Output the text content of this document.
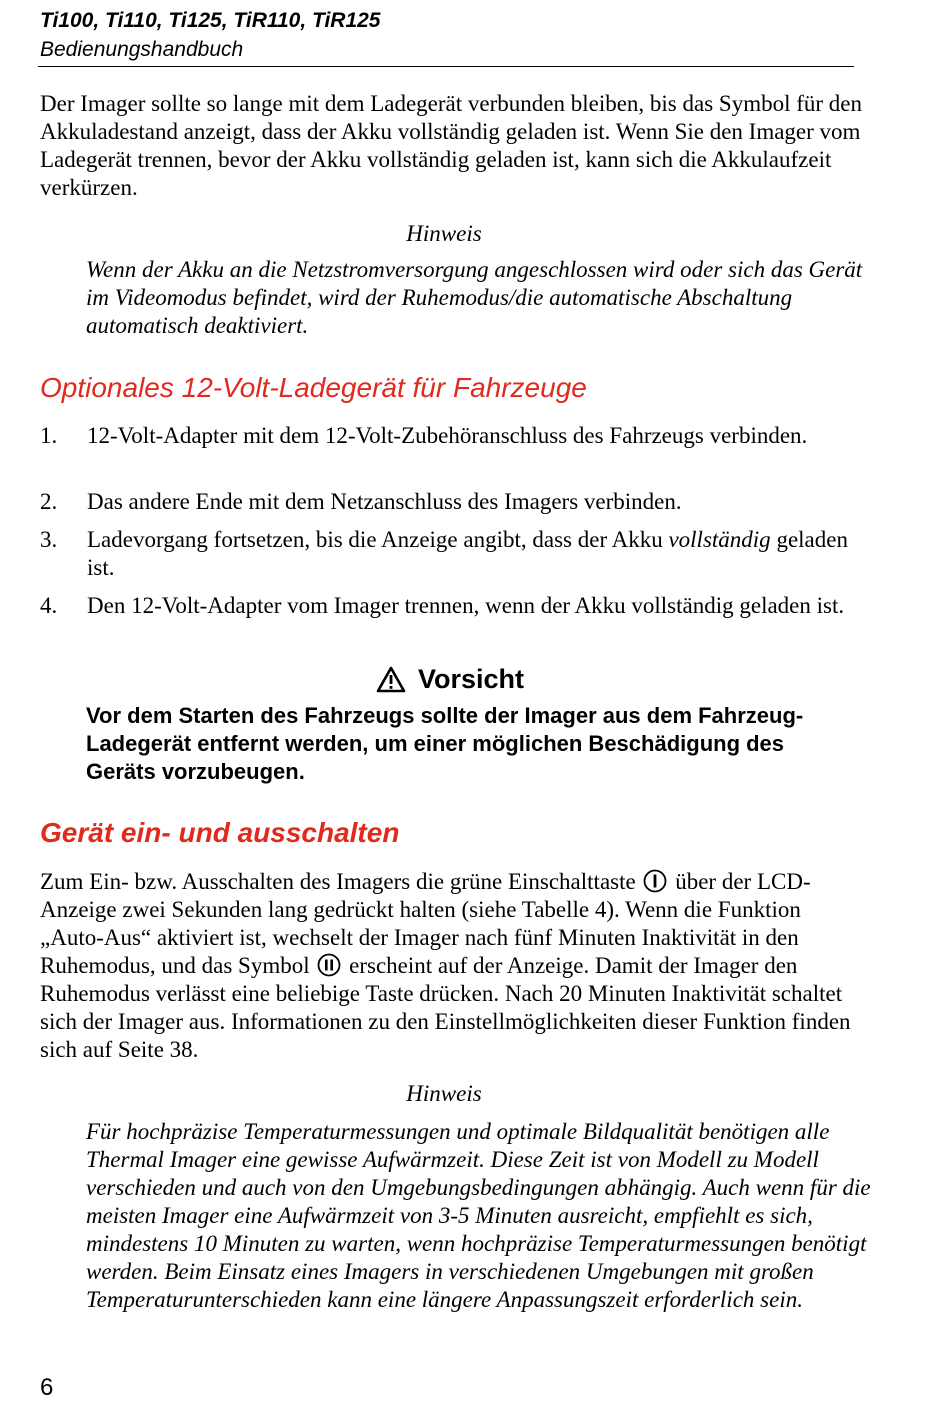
Ti100, Ti110, Ti125, TiR110, TiR125
Bedienungshandbuch

Der Imager sollte so lange mit dem Ladegerät verbunden bleiben, bis das Symbol für den Akkuladestand anzeigt, dass der Akku vollständig geladen ist. Wenn Sie den Imager vom Ladegerät trennen, bevor der Akku vollständig geladen ist, kann sich die Akkulaufzeit verkürzen.

Hinweis

Wenn der Akku an die Netzstromversorgung angeschlossen wird oder sich das Gerät im Videomodus befindet, wird der Ruhemodus/die automatische Abschaltung automatisch deaktiviert.

Optionales 12-Volt-Ladegerät für Fahrzeuge
1. 12-Volt-Adapter mit dem 12-Volt-Zubehöranschluss des Fahrzeugs verbinden.
2. Das andere Ende mit dem Netzanschluss des Imagers verbinden.
3. Ladevorgang fortsetzen, bis die Anzeige angibt, dass der Akku vollständig geladen ist.
4. Den 12-Volt-Adapter vom Imager trennen, wenn der Akku vollständig geladen ist.
Vorsicht

Vor dem Starten des Fahrzeugs sollte der Imager aus dem Fahrzeug-Ladegerät entfernt werden, um einer möglichen Beschädigung des Geräts vorzubeugen.

Gerät ein- und ausschalten

Zum Ein- bzw. Ausschalten des Imagers die grüne Einschalttaste über der LCD-Anzeige zwei Sekunden lang gedrückt halten (siehe Tabelle 4). Wenn die Funktion „Auto-Aus“ aktiviert ist, wechselt der Imager nach fünf Minuten Inaktivität in den Ruhemodus, und das Symbol erscheint auf der Anzeige. Damit der Imager den Ruhemodus verlässt eine beliebige Taste drücken. Nach 20 Minuten Inaktivität schaltet sich der Imager aus. Informationen zu den Einstellmöglichkeiten dieser Funktion finden sich auf Seite 38.

Hinweis

Für hochpräzise Temperaturmessungen und optimale Bildqualität benötigen alle Thermal Imager eine gewisse Aufwärmzeit. Diese Zeit ist von Modell zu Modell verschieden und auch von den Umgebungsbedingungen abhängig. Auch wenn für die meisten Imager eine Aufwärmzeit von 3-5 Minuten ausreicht, empfiehlt es sich, mindestens 10 Minuten zu warten, wenn hochpräzise Temperaturmessungen benötigt werden. Beim Einsatz eines Imagers in verschiedenen Umgebungen mit großen Temperaturunterschieden kann eine längere Anpassungszeit erforderlich sein.

6
